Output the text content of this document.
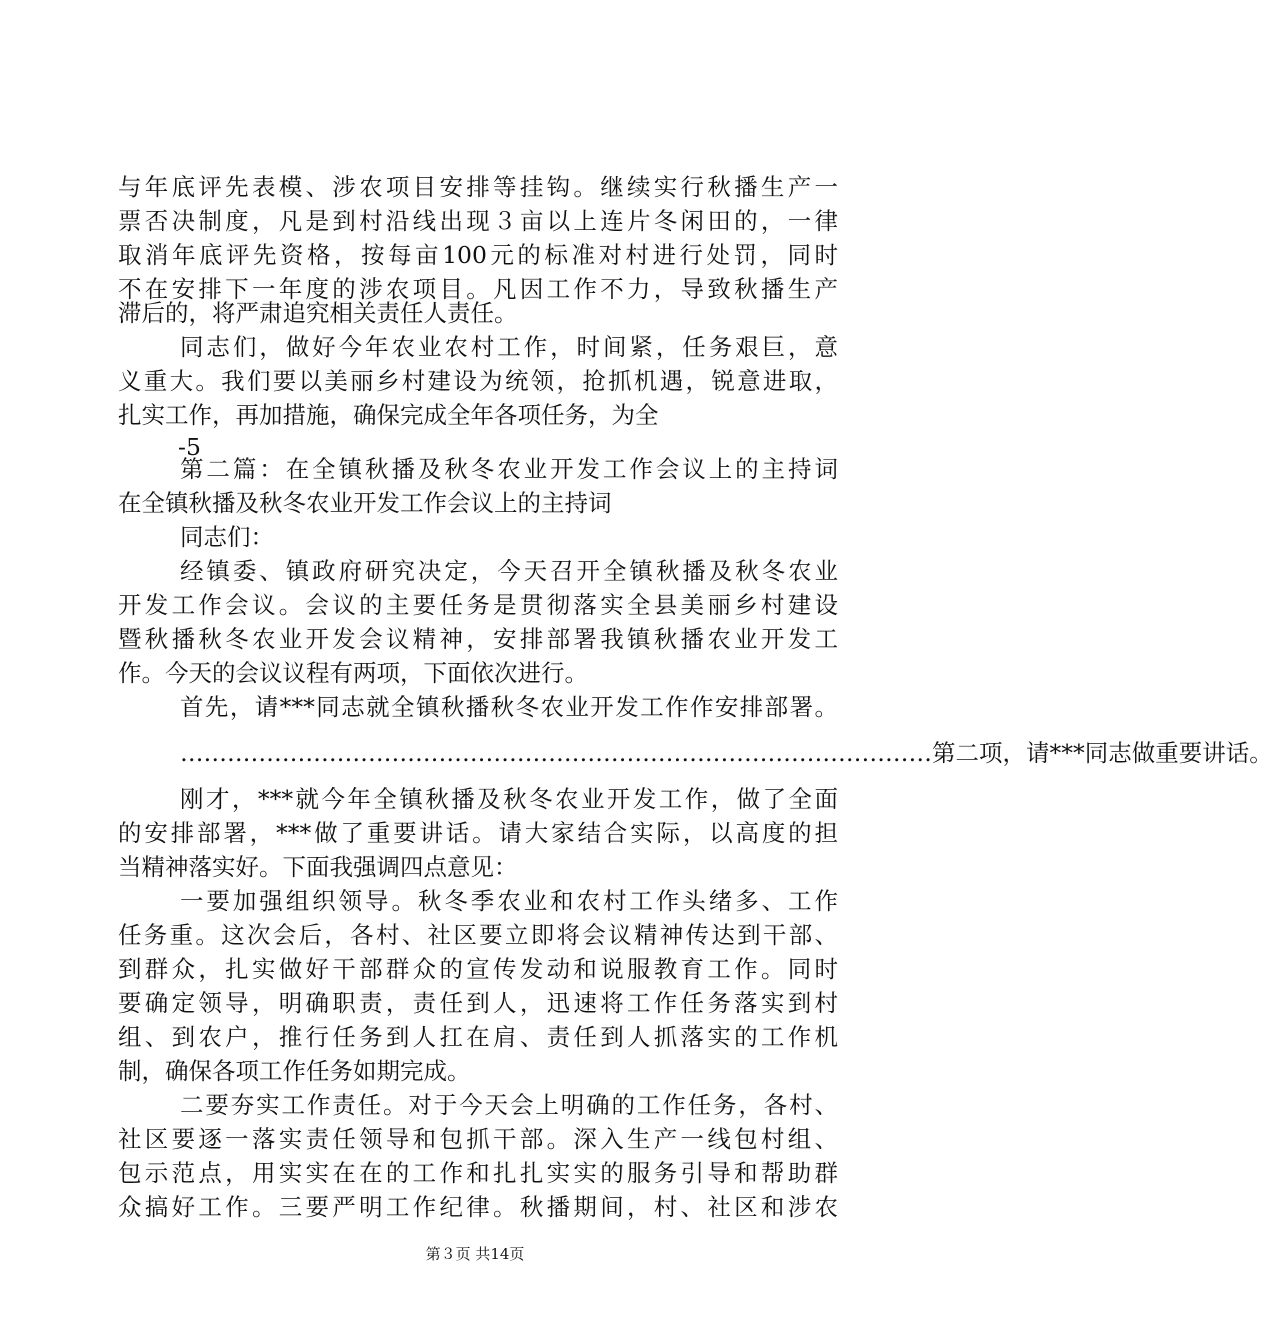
与年底评先表模、涉农项目安排等挂钩。继续实行秋播生产一
票否决制度，凡是到村沿线出现３亩以上连片冬闲田的，一律
取消年底评先资格，按每亩100元的标准对村进行处罚，同时
不在安排下一年度的涉农项目。凡因工作不力，导致秋播生产
滞后的，将严肃追究相关责任人责任。
同志们，做好今年农业农村工作，时间紧，任务艰巨，意
义重大。我们要以美丽乡村建设为统领，抢抓机遇，锐意进取，
扎实工作，再加措施，确保完成全年各项任务，为全
-5
第二篇：在全镇秋播及秋冬农业开发工作会议上的主持词
在全镇秋播及秋冬农业开发工作会议上的主持词
同志们：
经镇委、镇政府研究决定，今天召开全镇秋播及秋冬农业
开发工作会议。会议的主要任务是贯彻落实全县美丽乡村建设
暨秋播秋冬农业开发会议精神，安排部署我镇秋播农业开发工
作。今天的会议议程有两项，下面依次进行。
首先，请***同志就全镇秋播秋冬农业开发工作作安排部署。
…………………………………………………………………………………… 第二项，请***同志做重要讲话。
刚才，***就今年全镇秋播及秋冬农业开发工作，做了全面
的安排部署，***做了重要讲话。请大家结合实际，以高度的担
当精神落实好。下面我强调四点意见：
一要加强组织领导。秋冬季农业和农村工作头绪多、工作
任务重。这次会后，各村、社区要立即将会议精神传达到干部、
到群众，扎实做好干部群众的宣传发动和说服教育工作。同时
要确定领导，明确职责，责任到人，迅速将工作任务落实到村
组、到农户，推行任务到人扛在肩、责任到人抓落实的工作机
制，确保各项工作任务如期完成。
二要夯实工作责任。对于今天会上明确的工作任务，各村、
社区要逐一落实责任领导和包抓干部。深入生产一线包村组、
包示范点，用实实在在的工作和扎扎实实的服务引导和帮助群
第３页 共14页
众搞好工作。三要严明工作纪律。秋播期间，村、社区和涉农
